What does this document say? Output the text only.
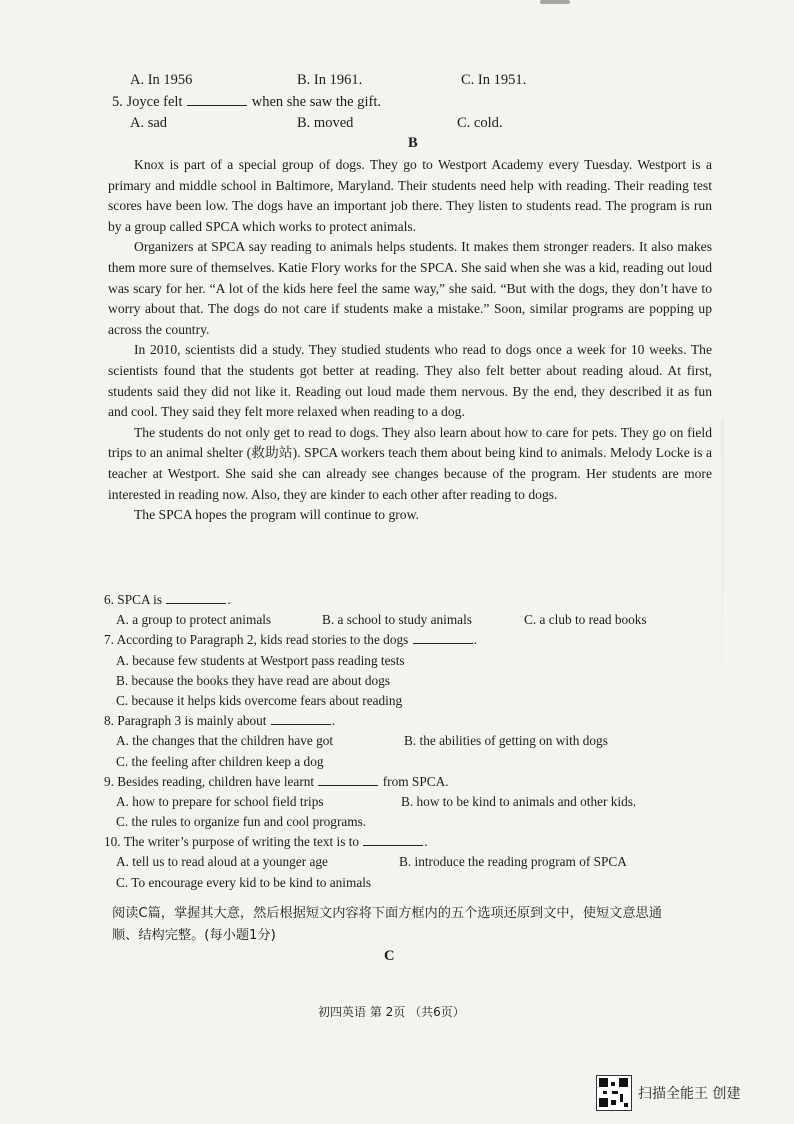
A. In 1956	B. In 1961.	C. In 1951.
5. Joyce felt	when she saw the gift.
A. sad	B. moved	C. cold.
B

Knox is part of a special group of dogs. They go to Westport Academy every Tuesday. Westport is a primary and middle school in Baltimore, Maryland. Their students need help with reading. Their reading test scores have been low. The dogs have an important job there. They listen to students read. The program is run by a group called SPCA which works to protect animals.

Organizers at SPCA say reading to animals helps students. It makes them stronger readers. It also makes them more sure of themselves. Katie Flory works for the SPCA. She said when she was a kid, reading out loud was scary for her. “A lot of the kids here feel the same way,” she said. “But with the dogs, they don’t have to worry about that. The dogs do not care if students make a mistake.” Soon, similar programs are popping up across the country.

In 2010, scientists did a study. They studied students who read to dogs once a week for 10 weeks. The scientists found that the students got better at reading. They also felt better about reading aloud. At first, students said they did not like it. Reading out loud made them nervous. By the end, they described it as fun and cool. They said they felt more relaxed when reading to a dog.

The students do not only get to read to dogs. They also learn about how to care for pets. They go on field trips to an animal shelter (救助站). SPCA workers teach them about being kind to animals. Melody Locke is a teacher at Westport. She said she can already see changes because of the program. Her students are more interested in reading now. Also, they are kinder to each other after reading to dogs.

The SPCA hopes the program will continue to grow.

6. SPCA is	.
A. a group to protect animals	B. a school to study animals	C. a club to read books
7. According to Paragraph 2, kids read stories to the dogs	.
A. because few students at Westport pass reading tests
B. because the books they have read are about dogs
C. because it helps kids overcome fears about reading
8. Paragraph 3 is mainly about	.
A. the changes that the children have got	B. the abilities of getting on with dogs
C. the feeling after children keep a dog
9. Besides reading, children have learnt	from SPCA.
A. how to prepare for school field trips	B. how to be kind to animals and other kids.
C. the rules to organize fun and cool programs.
10. The writer’s purpose of writing the text is to	.
A. tell us to read aloud at a younger age	B. introduce the reading program of SPCA
C. To encourage every kid to be kind to animals
阅读C篇，掌握其大意，然后根据短文内容将下面方框内的五个选项还原到文中，使短文意思通顺、结构完整。(每小题1分)
C
初四英语 第 2页 （共6页）
扫描全能王 创建
